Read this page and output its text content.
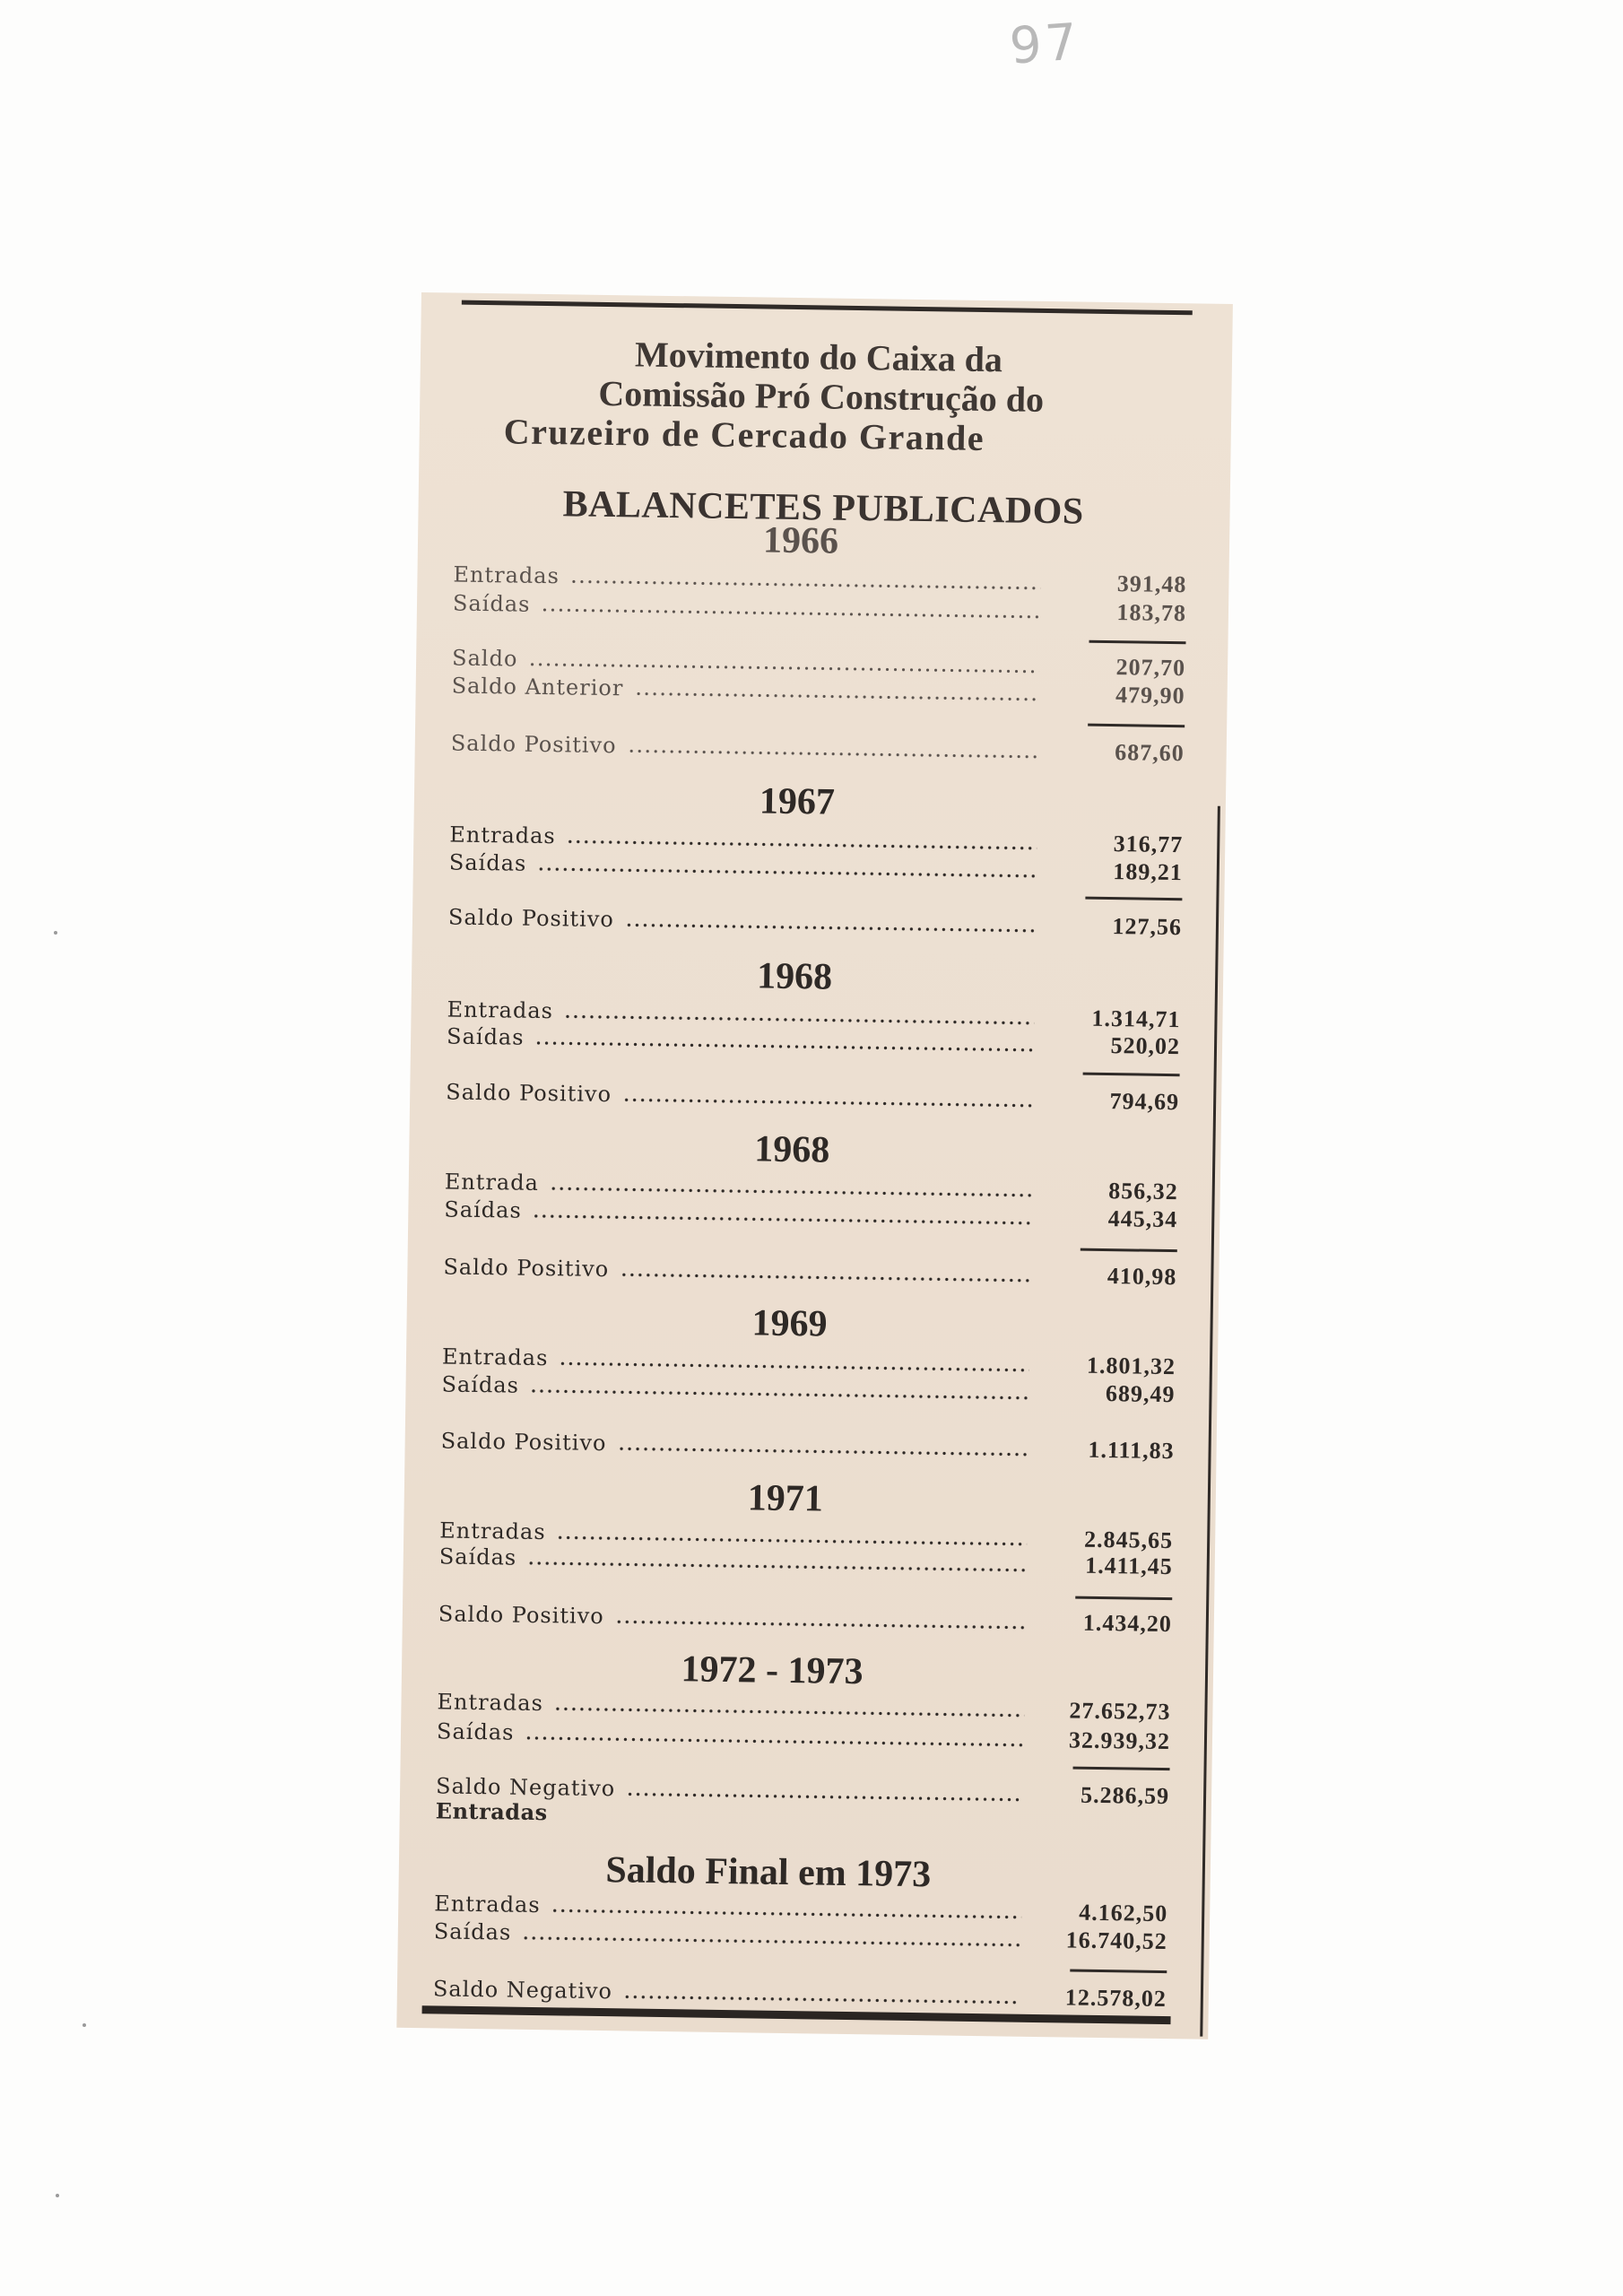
97
Movimento do Caixa da
Comissão Pró Construção do
Cruzeiro de Cercado Grande
BALANCETES PUBLICADOS
1966
Entradas	391,48
Saídas	183,78
Saldo	207,70
Saldo Anterior	479,90
Saldo Positivo	687,60
1967
Entradas	316,77
Saídas	189,21
Saldo Positivo	127,56
1968
Entradas	1.314,71
Saídas	520,02
Saldo Positivo	794,69
1968
Entrada	856,32
Saídas	445,34
Saldo Positivo	410,98
1969
Entradas	1.801,32
Saídas	689,49
Saldo Positivo	1.111,83
1971
Entradas	2.845,65
Saídas	1.411,45
Saldo Positivo	1.434,20
1972 - 1973
Entradas	27.652,73
Saídas	32.939,32
Saldo Negativo	5.286,59
Entradas
Saldo Final em 1973
Entradas	4.162,50
Saídas	16.740,52
Saldo Negativo	12.578,02
